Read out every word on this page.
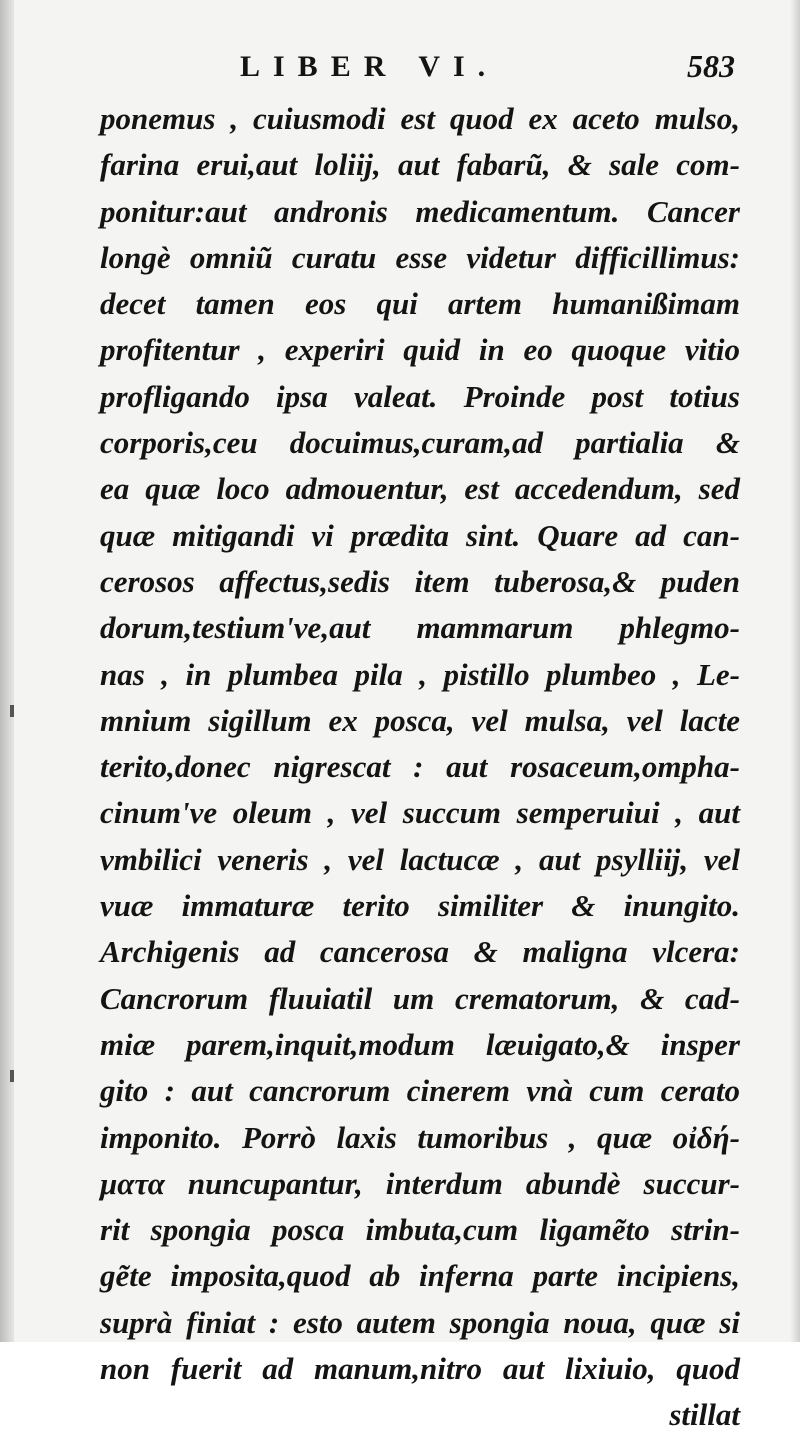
LIBER VI.	583
ponemus , cuiusmodi est quod ex aceto mulso,
farina erui,aut loliĳ, aut fabarũ, & sale com-
ponitur:aut andronis medicamentum. Cancer
longè omniũ curatu esse videtur difficillimus:
decet tamen eos qui artem humanißimam
profitentur , experiri quid in eo quoque vitio
profligando ipsa valeat. Proinde post totius
corporis,ceu docuimus,curam,ad partialia &
ea quæ loco admouentur, est accedendum, sed
quæ mitigandi vi prædita sint. Quare ad can-
cerosos affectus,sedis item tuberosa,& puden
dorum,testium've,aut mammarum phlegmo-
nas , in plumbea pila , pistillo plumbeo , Le-
mnium sigillum ex posca, vel mulsa, vel lacte
terito,donec nigrescat : aut rosaceum,ompha-
cinum've oleum , vel succum semperuiui , aut
vmbilici veneris , vel lactucæ , aut psylliĳ, vel
vuæ immaturæ terito similiter & inungito.
Archigenis ad cancerosa & maligna vlcera:
Cancrorum fluuiatil um crematorum, & cad-
miæ parem,inquit,modum læuigato,& insper
gito : aut cancrorum cinerem vnà cum cerato
imponito. Porrò laxis tumoribus , quæ οἰδή-
ματα nuncupantur, interdum abundè succur-
rit spongia posca imbuta,cum ligamẽto strin-
gẽte imposita,quod ab inferna parte incipiens,
suprà finiat : esto autem spongia noua, quæ si
non fuerit ad manum,nitro aut lixiuio, quod
stillat
